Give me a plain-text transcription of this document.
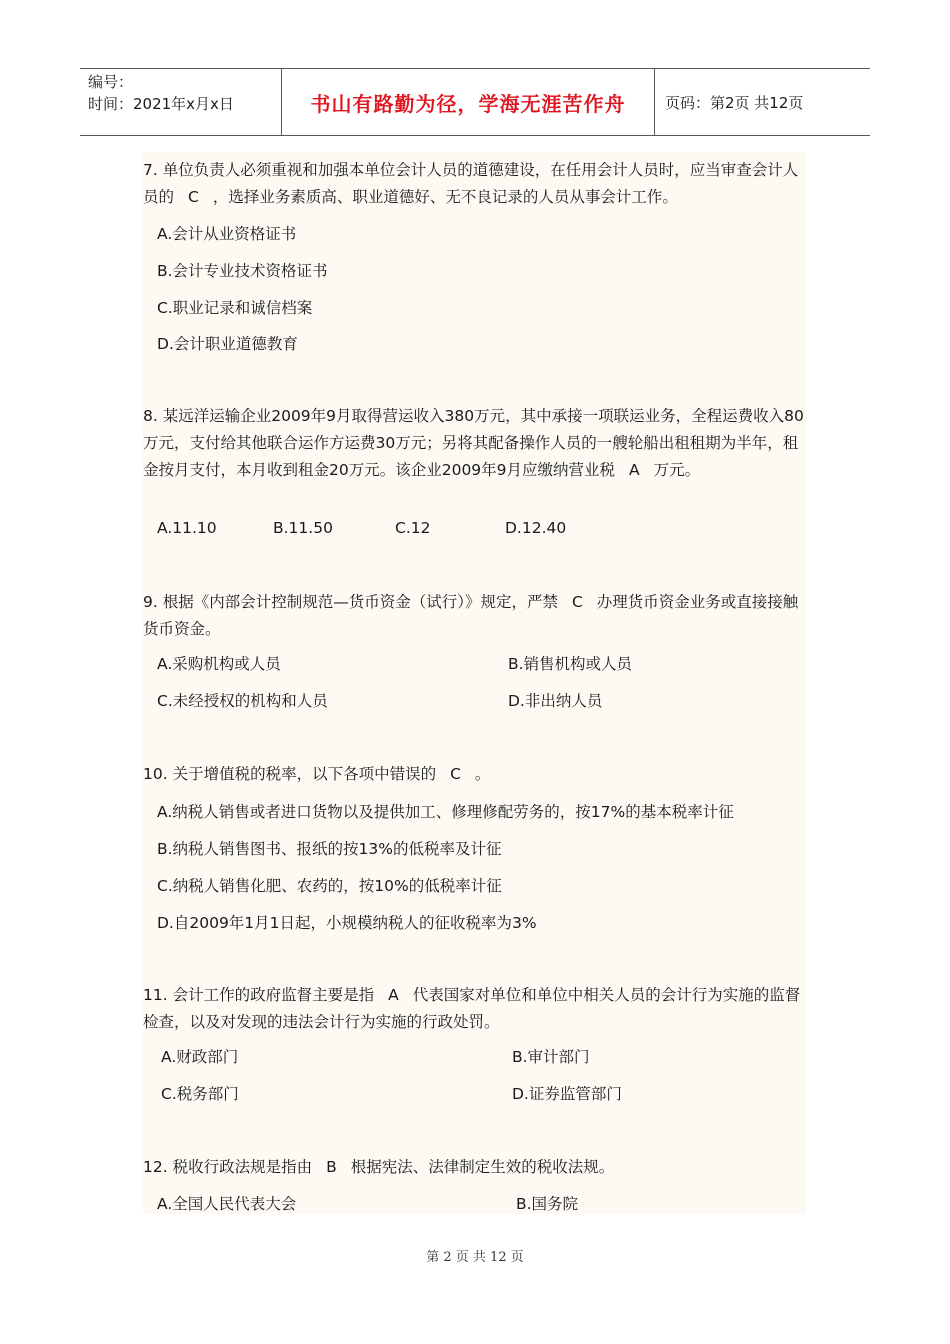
编号：
时间：2021年x月x日	书山有路勤为径，学海无涯苦作舟	页码：第2页 共12页
7. 单位负责人必须重视和加强本单位会计人员的道德建设，在任用会计人员时，应当审查会计人员的 C ，选择业务素质高、职业道德好、无不良记录的人员从事会计工作。
A.会计从业资格证书
B.会计专业技术资格证书
C.职业记录和诚信档案
D.会计职业道德教育
8. 某远洋运输企业2009年9月取得营运收入380万元，其中承接一项联运业务，全程运费收入80万元，支付给其他联合运作方运费30万元；另将其配备操作人员的一艘轮船出租租期为半年，租金按月支付，本月收到租金20万元。该企业2009年9月应缴纳营业税 A 万元。
A.11.10	B.11.50	C.12	D.12.40
9. 根据《内部会计控制规范—货币资金（试行）》规定，严禁 C 办理货币资金业务或直接接触货币资金。
A.采购机构或人员	B.销售机构或人员
C.未经授权的机构和人员	D.非出纳人员
10. 关于增值税的税率，以下各项中错误的 C 。
A.纳税人销售或者进口货物以及提供加工、修理修配劳务的，按17%的基本税率计征
B.纳税人销售图书、报纸的按13%的低税率及计征
C.纳税人销售化肥、农药的，按10%的低税率计征
D.自2009年1月1日起，小规模纳税人的征收税率为3%
11. 会计工作的政府监督主要是指 A 代表国家对单位和单位中相关人员的会计行为实施的监督检查，以及对发现的违法会计行为实施的行政处罚。
A.财政部门	B.审计部门
C.税务部门	D.证券监管部门
12. 税收行政法规是指由 B 根据宪法、法律制定生效的税收法规。
A.全国人民代表大会	B.国务院
第 2 页 共 12 页
